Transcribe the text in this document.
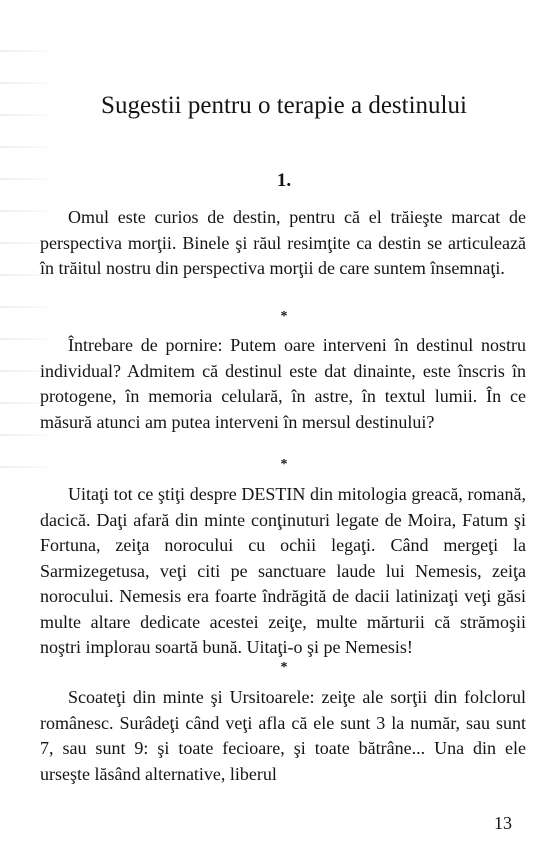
Sugestii pentru o terapie a destinului
1.

Omul este curios de destin, pentru că el trăieşte marcat de perspectiva morţii. Binele şi răul resimţite ca destin se articulează în trăitul nostru din perspectiva morţii de care suntem însemnaţi.

*

Întrebare de pornire: Putem oare interveni în destinul nostru individual? Admitem că destinul este dat dinainte, este înscris în protogene, în memoria celulară, în astre, în textul lumii. În ce măsură atunci am putea interveni în mersul destinului?

*

Uitaţi tot ce ştiţi despre DESTIN din mitologia greacă, romană, dacică. Daţi afară din minte conţinuturi legate de Moira, Fatum şi Fortuna, zeiţa norocului cu ochii legaţi. Când mergeţi la Sarmizegetusa, veţi citi pe sanctuare laude lui Nemesis, zeiţa norocului. Nemesis era foarte îndrăgită de dacii latinizaţi veţi găsi multe altare dedicate acestei zeiţe, multe mărturii că strămoşii noştri implorau soartă bună. Uitaţi-o şi pe Nemesis!

*

Scoateţi din minte şi Ursitoarele: zeiţe ale sorţii din folclorul românesc. Surâdeţi când veţi afla că ele sunt 3 la număr, sau sunt 7, sau sunt 9: şi toate fecioare, şi toate bătrâne... Una din ele urseşte lăsând alternative, liberul

13
